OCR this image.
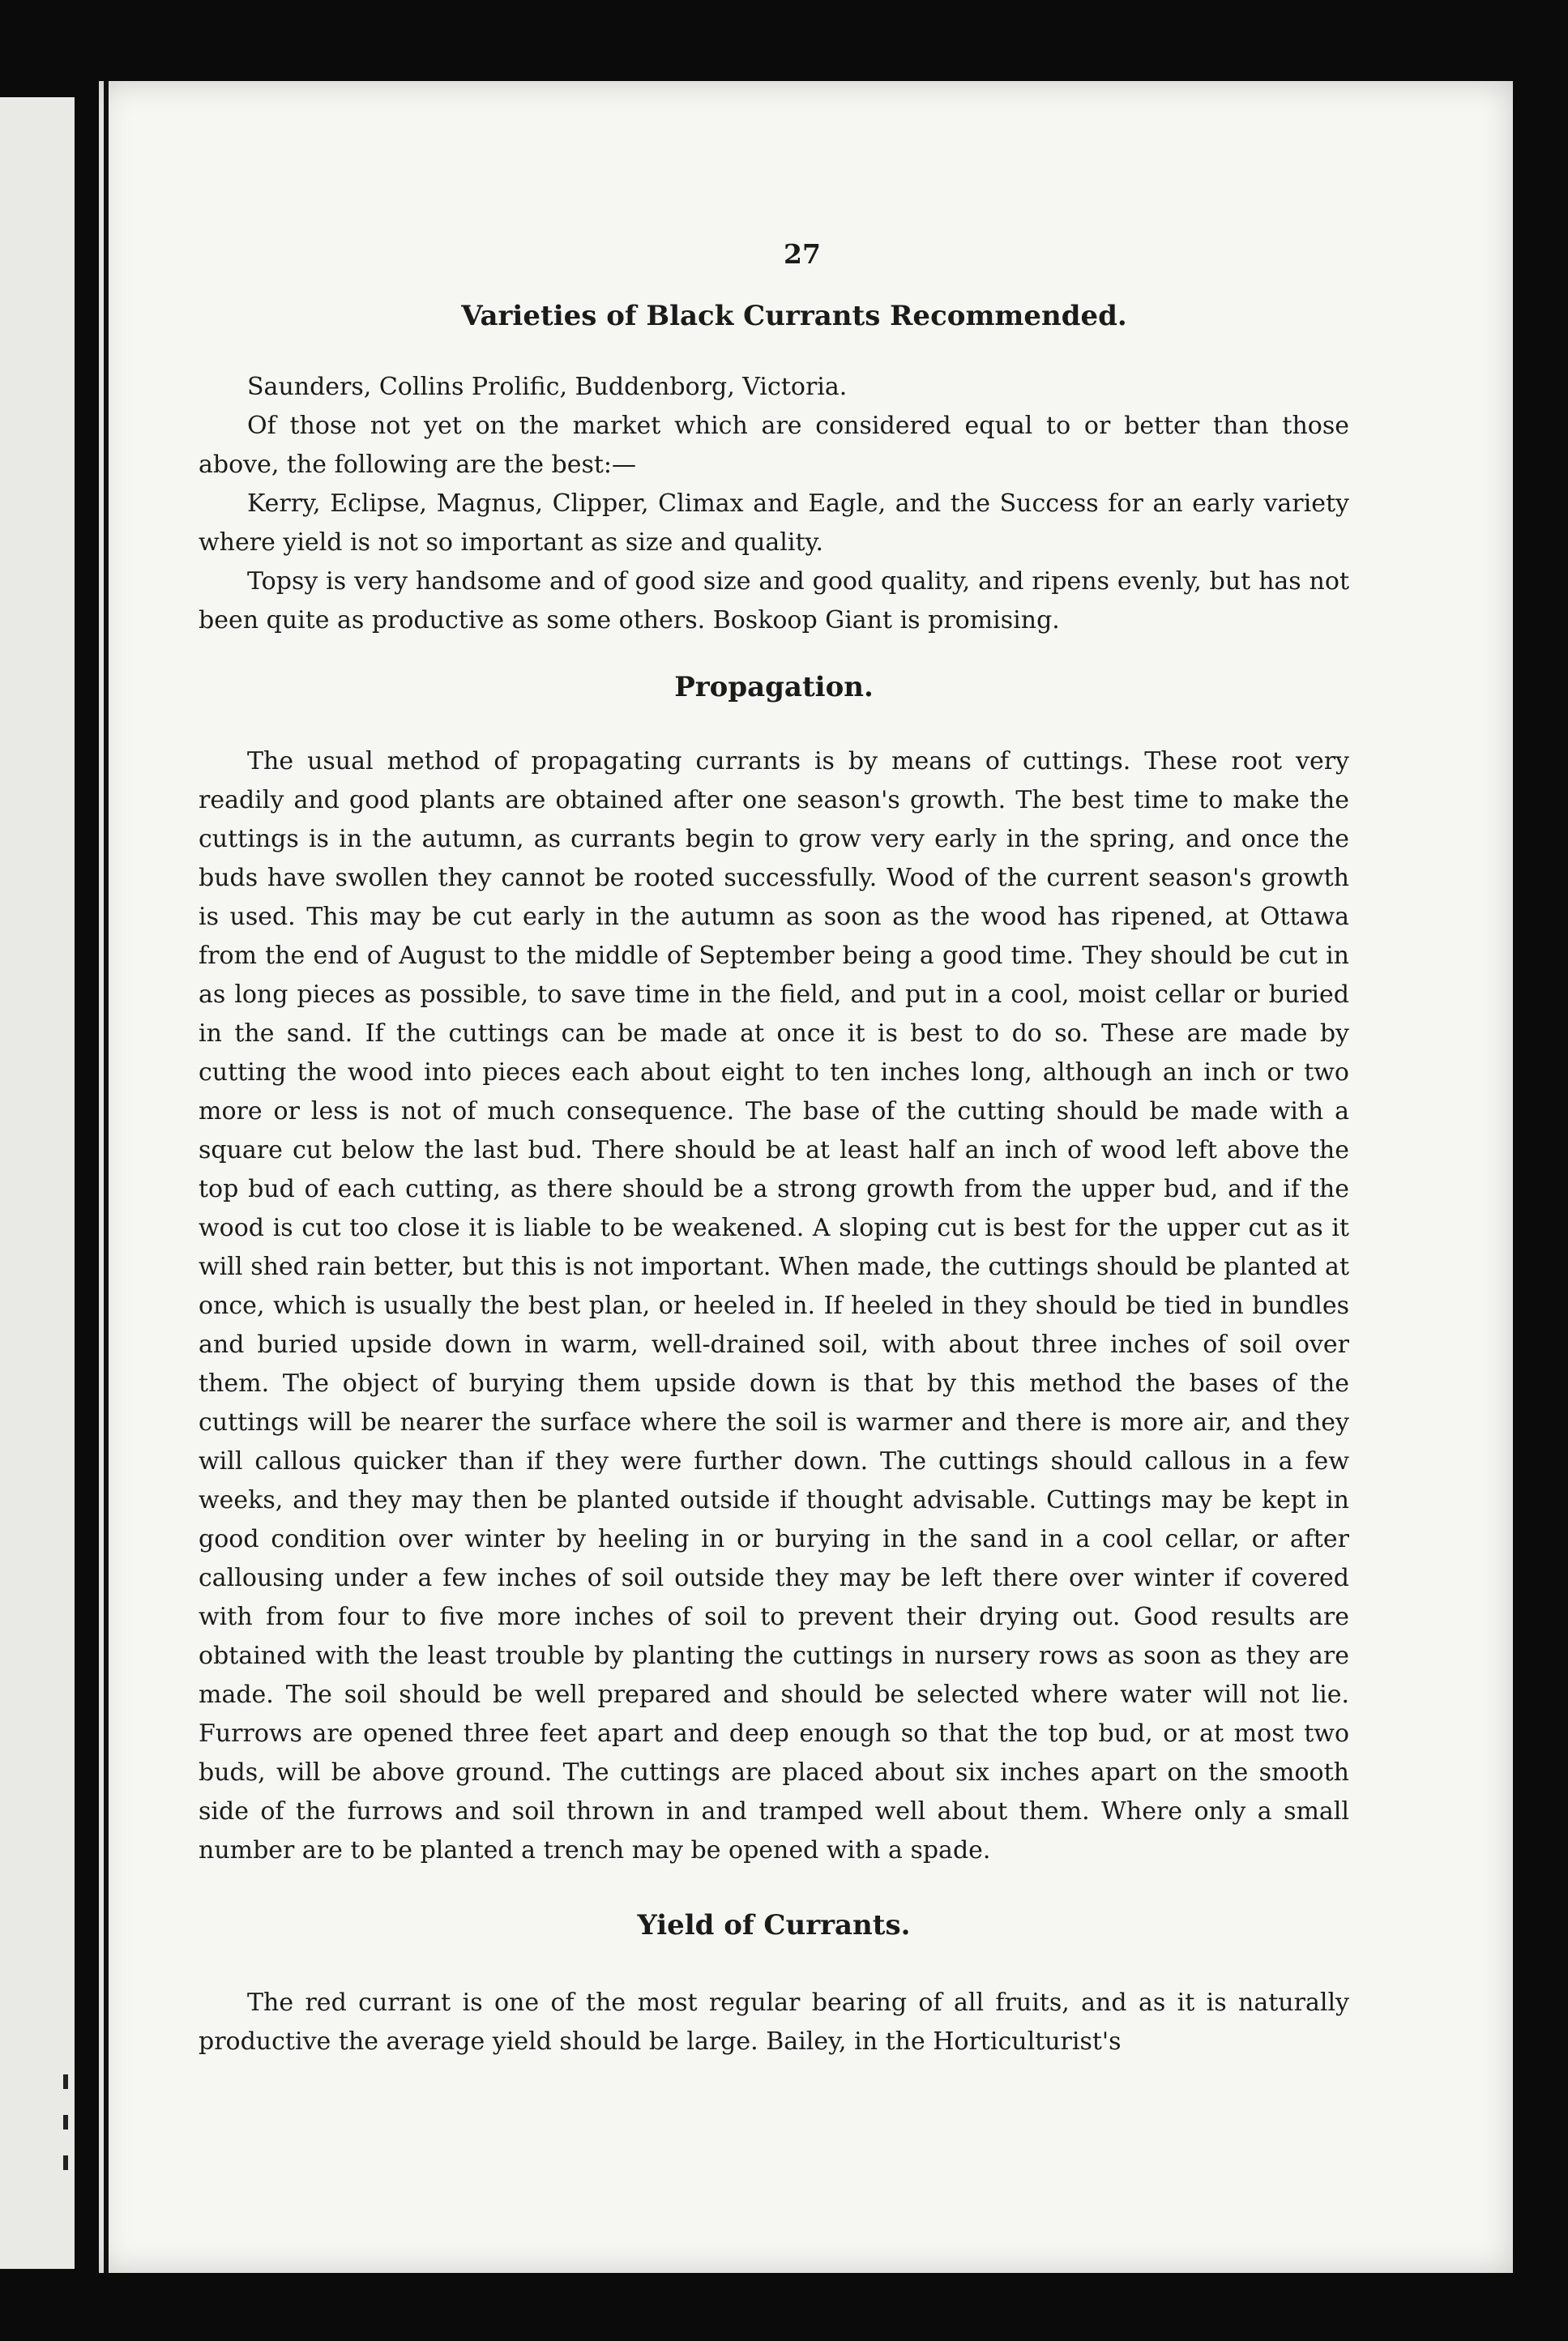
27
Varieties of Black Currants Recommended.

Saunders, Collins Prolific, Buddenborg, Victoria.

Of those not yet on the market which are considered equal to or better than those above, the following are the best:—

Kerry, Eclipse, Magnus, Clipper, Climax and Eagle, and the Success for an early variety where yield is not so important as size and quality.

Topsy is very handsome and of good size and good quality, and ripens evenly, but has not been quite as productive as some others. Boskoop Giant is promising.

Propagation.

The usual method of propagating currants is by means of cuttings. These root very readily and good plants are obtained after one season's growth. The best time to make the cuttings is in the autumn, as currants begin to grow very early in the spring, and once the buds have swollen they cannot be rooted successfully. Wood of the current season's growth is used. This may be cut early in the autumn as soon as the wood has ripened, at Ottawa from the end of August to the middle of September being a good time. They should be cut in as long pieces as possible, to save time in the field, and put in a cool, moist cellar or buried in the sand. If the cuttings can be made at once it is best to do so. These are made by cutting the wood into pieces each about eight to ten inches long, although an inch or two more or less is not of much consequence. The base of the cutting should be made with a square cut below the last bud. There should be at least half an inch of wood left above the top bud of each cutting, as there should be a strong growth from the upper bud, and if the wood is cut too close it is liable to be weakened. A sloping cut is best for the upper cut as it will shed rain better, but this is not important. When made, the cuttings should be planted at once, which is usually the best plan, or heeled in. If heeled in they should be tied in bundles and buried upside down in warm, well-drained soil, with about three inches of soil over them. The object of burying them upside down is that by this method the bases of the cuttings will be nearer the surface where the soil is warmer and there is more air, and they will callous quicker than if they were further down. The cuttings should callous in a few weeks, and they may then be planted outside if thought advisable. Cuttings may be kept in good condition over winter by heeling in or burying in the sand in a cool cellar, or after callousing under a few inches of soil outside they may be left there over winter if covered with from four to five more inches of soil to prevent their drying out. Good results are obtained with the least trouble by planting the cuttings in nursery rows as soon as they are made. The soil should be well prepared and should be selected where water will not lie. Furrows are opened three feet apart and deep enough so that the top bud, or at most two buds, will be above ground. The cuttings are placed about six inches apart on the smooth side of the furrows and soil thrown in and tramped well about them. Where only a small number are to be planted a trench may be opened with a spade.

Yield of Currants.

The red currant is one of the most regular bearing of all fruits, and as it is naturally productive the average yield should be large. Bailey, in the Horticulturist's
